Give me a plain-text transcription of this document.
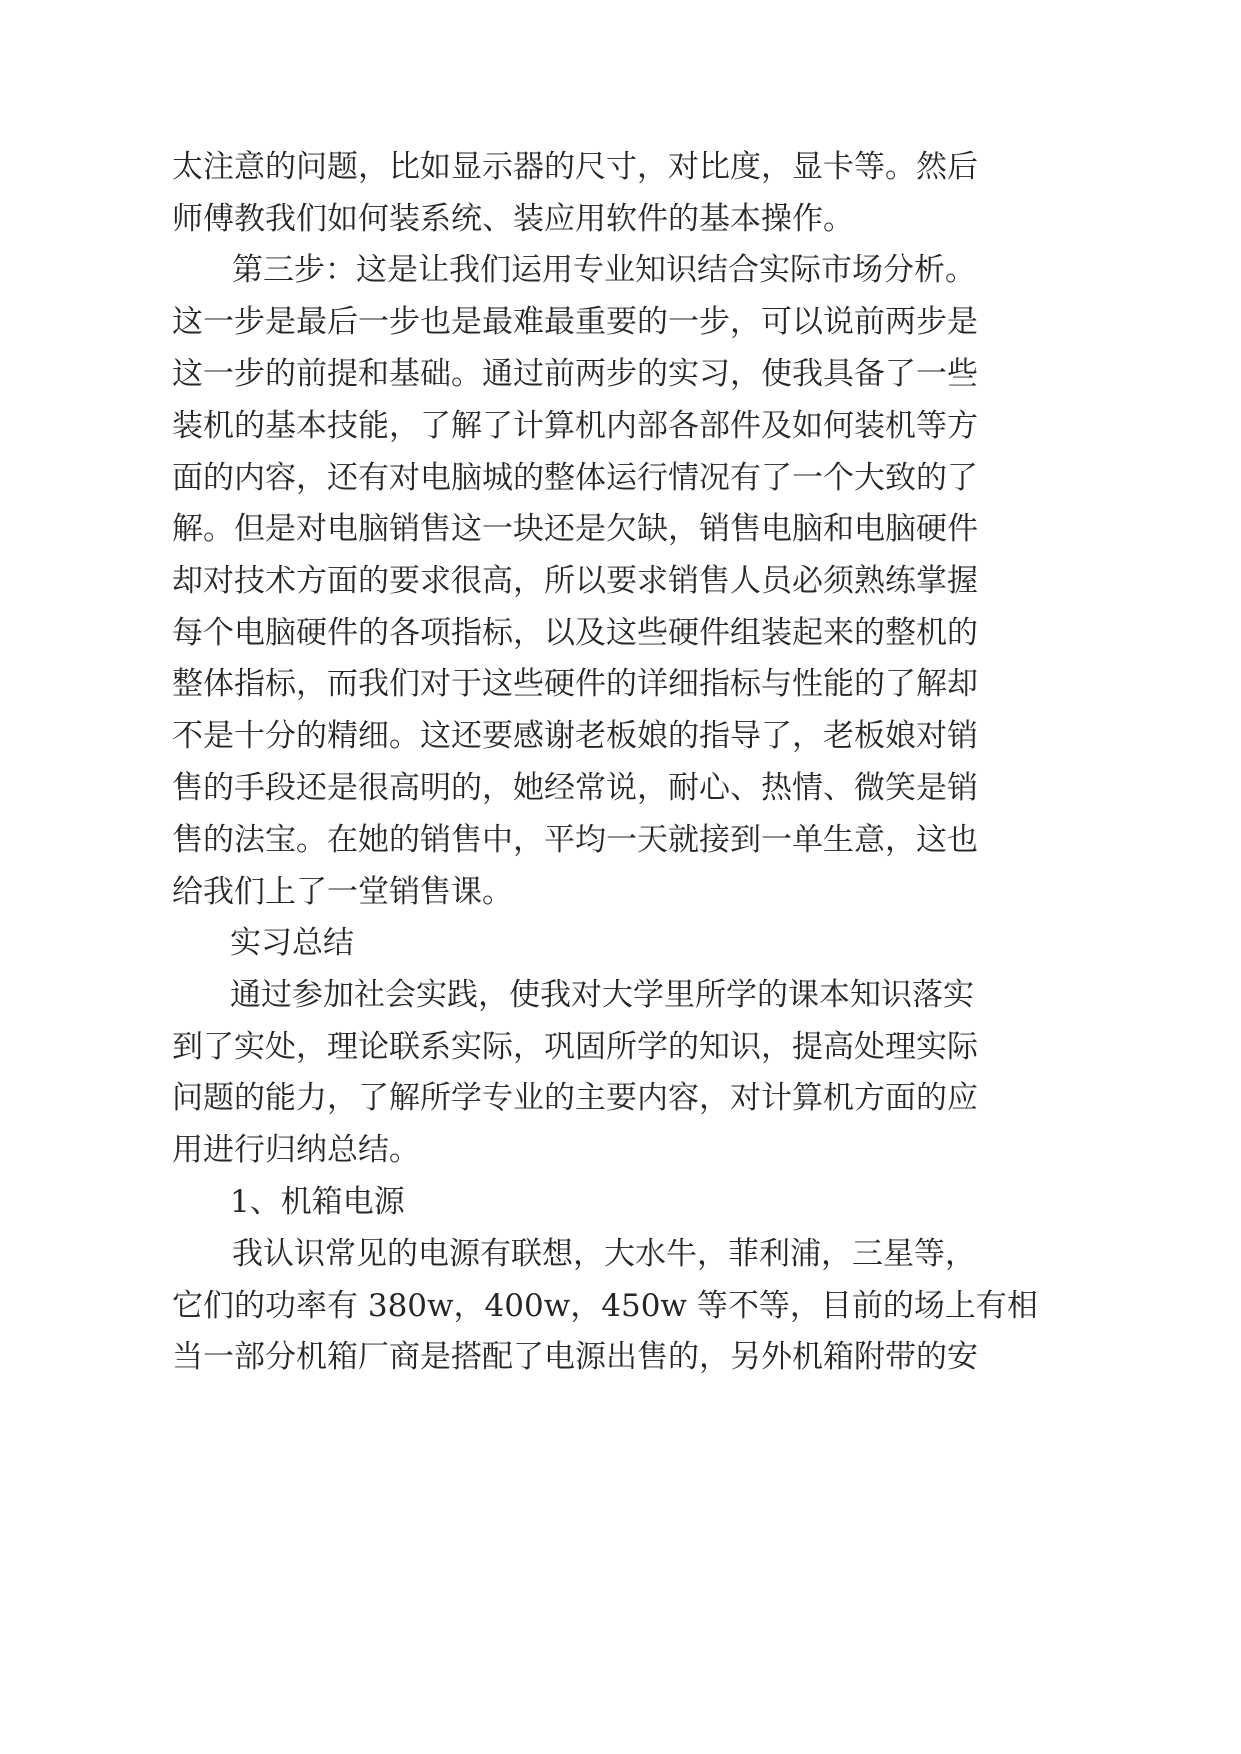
太注意的问题，比如显示器的尺寸，对比度，显卡等。然后
师傅教我们如何装系统、装应用软件的基本操作。
第三步：这是让我们运用专业知识结合实际市场分析。
这一步是最后一步也是最难最重要的一步，可以说前两步是
这一步的前提和基础。通过前两步的实习，使我具备了一些
装机的基本技能，了解了计算机内部各部件及如何装机等方
面的内容，还有对电脑城的整体运行情况有了一个大致的了
解。但是对电脑销售这一块还是欠缺，销售电脑和电脑硬件
却对技术方面的要求很高，所以要求销售人员必须熟练掌握
每个电脑硬件的各项指标，以及这些硬件组装起来的整机的
整体指标，而我们对于这些硬件的详细指标与性能的了解却
不是十分的精细。这还要感谢老板娘的指导了，老板娘对销
售的手段还是很高明的，她经常说，耐心、热情、微笑是销
售的法宝。在她的销售中，平均一天就接到一单生意，这也
给我们上了一堂销售课。
实习总结
通过参加社会实践，使我对大学里所学的课本知识落实
到了实处，理论联系实际，巩固所学的知识，提高处理实际
问题的能力，了解所学专业的主要内容，对计算机方面的应
用进行归纳总结。
1、机箱电源
我认识常见的电源有联想，大水牛，菲利浦，三星等，
它们的功率有 380w，400w，450w 等不等，目前的场上有相
当一部分机箱厂商是搭配了电源出售的，另外机箱附带的安
